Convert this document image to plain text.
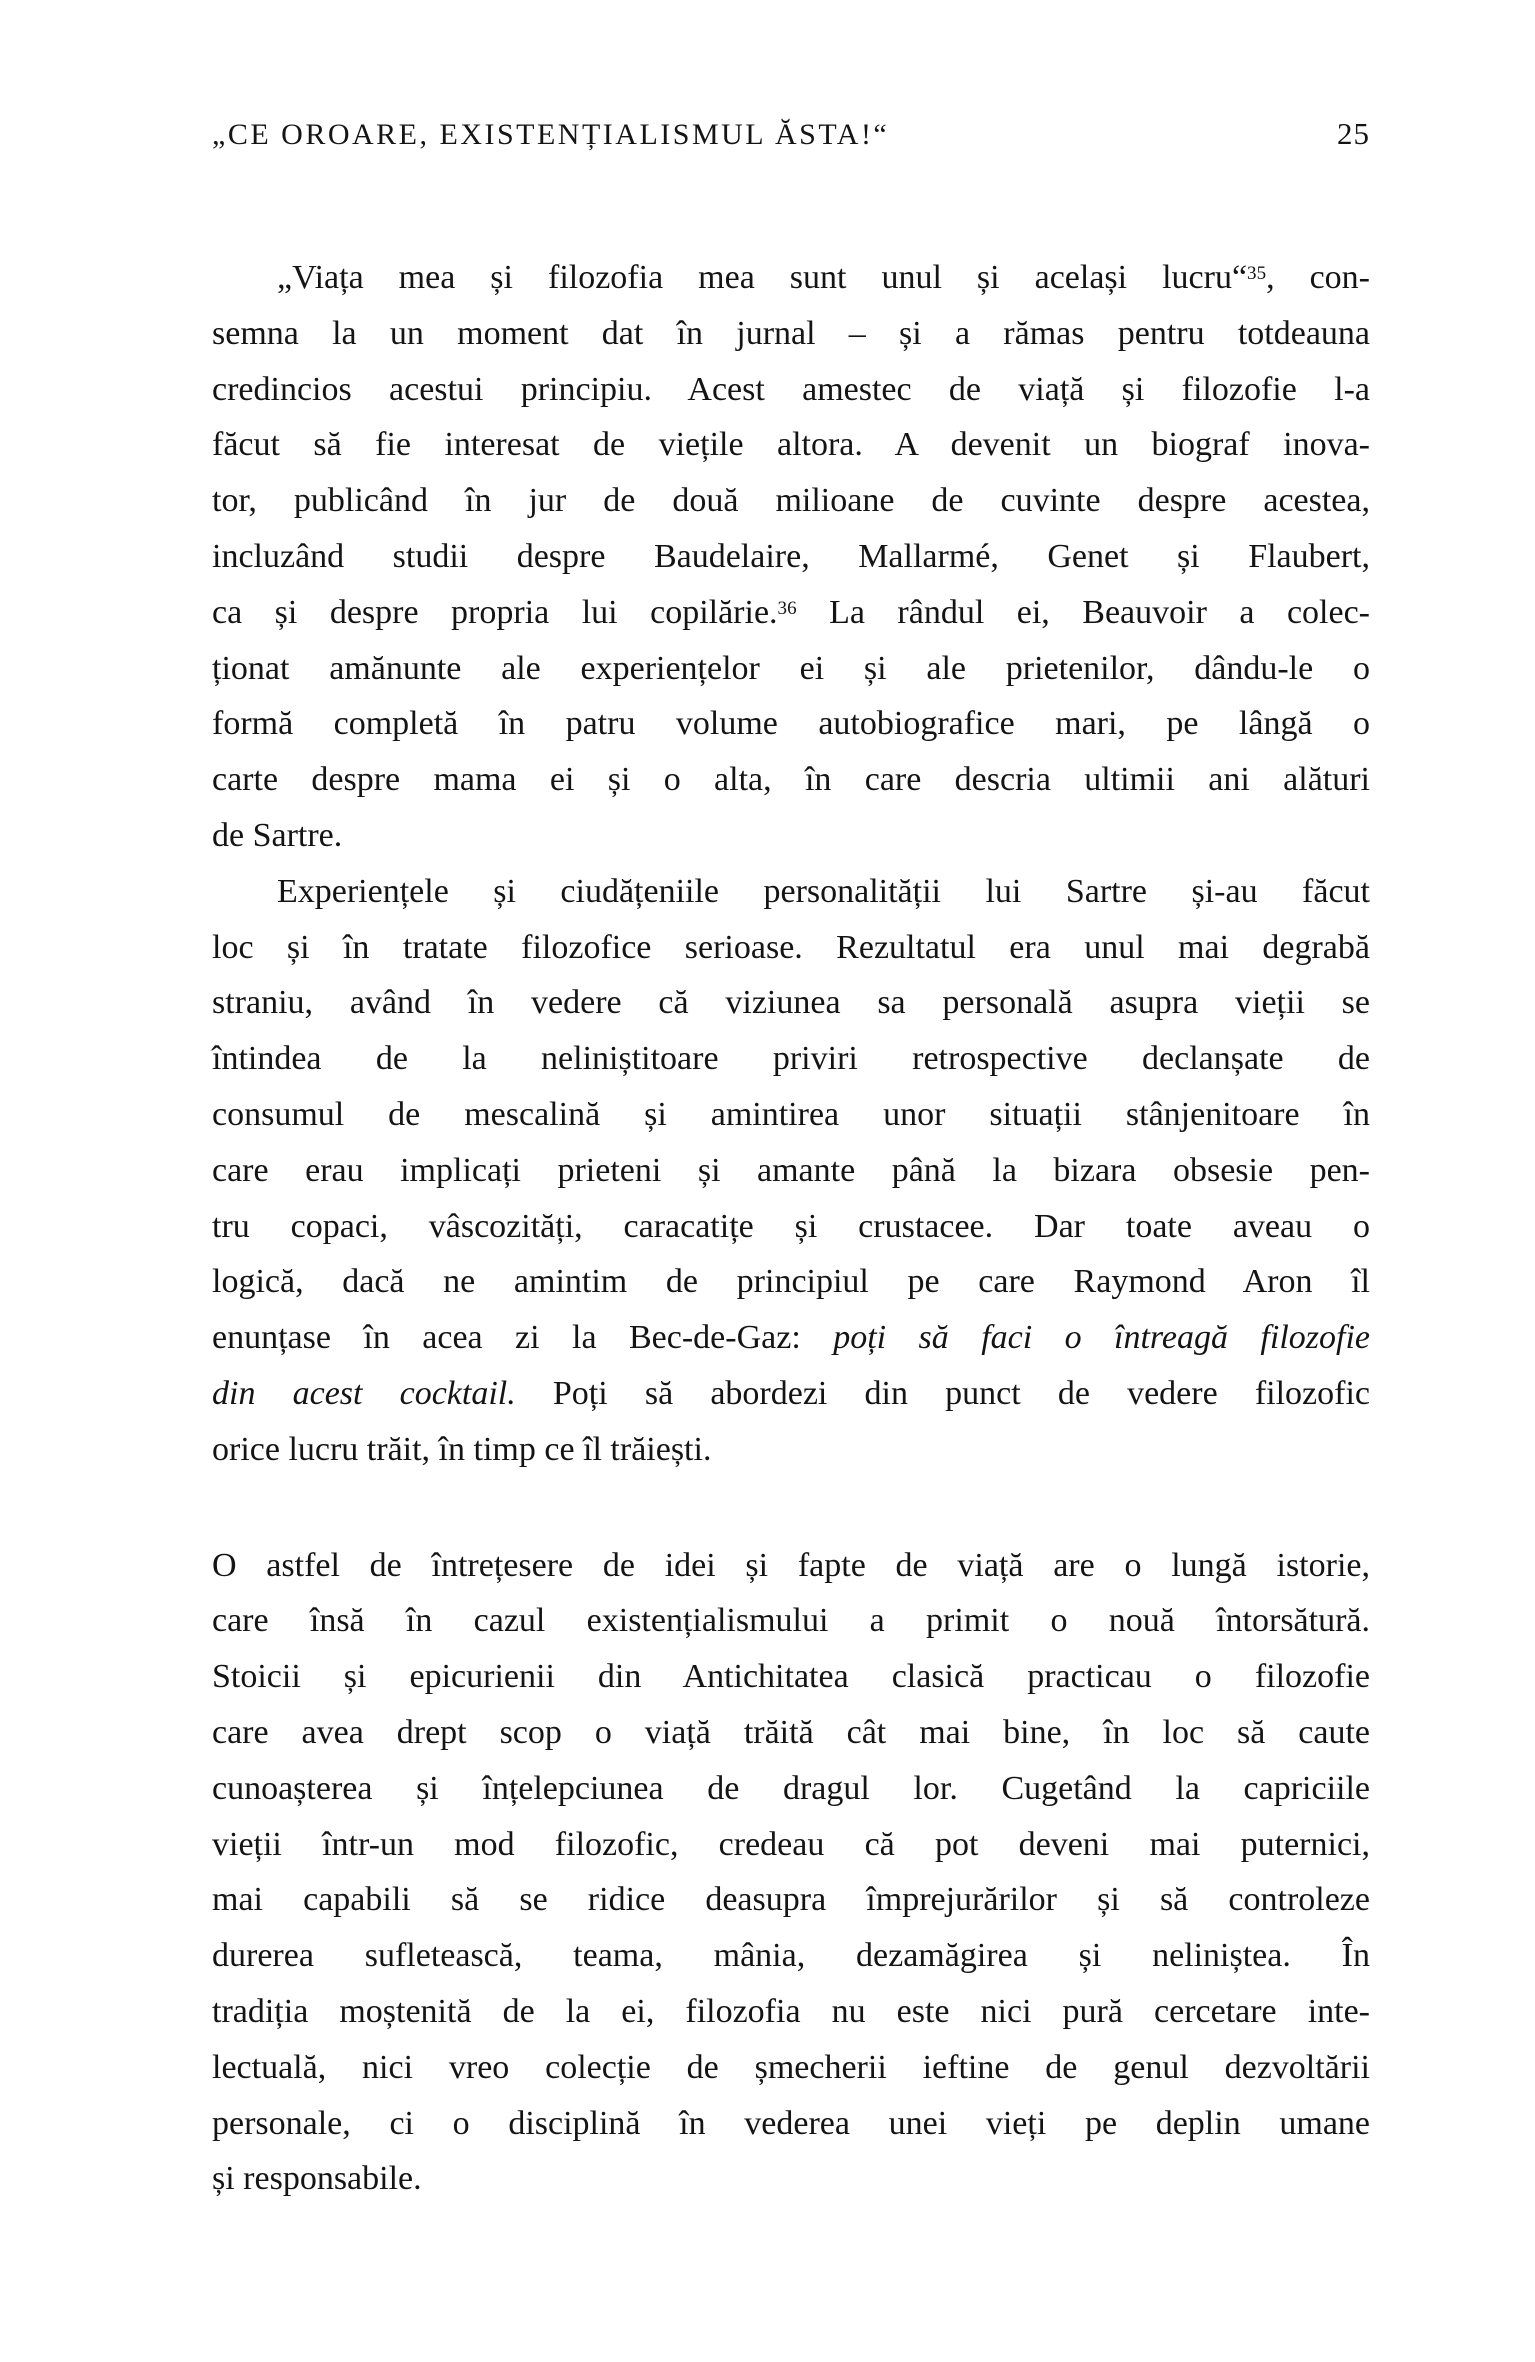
„CE OROARE, EXISTENȚIALISMUL ĂSTA!“	25
„Viața mea și filozofia mea sunt unul și același lucru“$^{35}$, con-
semna la un moment dat în jurnal – și a rămas pentru totdeauna
credincios acestui principiu. Acest amestec de viață și filozofie l-a
făcut să fie interesat de viețile altora. A devenit un biograf inova-
tor, publicând în jur de două milioane de cuvinte despre acestea,
incluzând studii despre Baudelaire, Mallarmé, Genet și Flaubert,
ca și despre propria lui copilărie.$^{36}$ La rândul ei, Beauvoir a colec-
ționat amănunte ale experiențelor ei și ale prietenilor, dându-le o
formă completă în patru volume autobiografice mari, pe lângă o
carte despre mama ei și o alta, în care descria ultimii ani alături
de Sartre.
Experiențele și ciudățeniile personalității lui Sartre și-au făcut
loc și în tratate filozofice serioase. Rezultatul era unul mai degrabă
straniu, având în vedere că viziunea sa personală asupra vieții se
întindea de la neliniștitoare priviri retrospective declanșate de
consumul de mescalină și amintirea unor situații stânjenitoare în
care erau implicați prieteni și amante până la bizara obsesie pen-
tru copaci, vâscozități, caracatițe și crustacee. Dar toate aveau o
logică, dacă ne amintim de principiul pe care Raymond Aron îl
enunțase în acea zi la Bec-de-Gaz: poți să faci o întreagă filozofie
din acest cocktail. Poți să abordezi din punct de vedere filozofic
orice lucru trăit, în timp ce îl trăiești.
O astfel de întrețesere de idei și fapte de viață are o lungă istorie,
care însă în cazul existențialismului a primit o nouă întorsătură.
Stoicii și epicurienii din Antichitatea clasică practicau o filozofie
care avea drept scop o viață trăită cât mai bine, în loc să caute
cunoașterea și înțelepciunea de dragul lor. Cugetând la capriciile
vieții într-un mod filozofic, credeau că pot deveni mai puternici,
mai capabili să se ridice deasupra împrejurărilor și să controleze
durerea sufletească, teama, mânia, dezamăgirea și neliniștea. În
tradiția moștenită de la ei, filozofia nu este nici pură cercetare inte-
lectuală, nici vreo colecție de șmecherii ieftine de genul dezvoltării
personale, ci o disciplină în vederea unei vieți pe deplin umane
și responsabile.
